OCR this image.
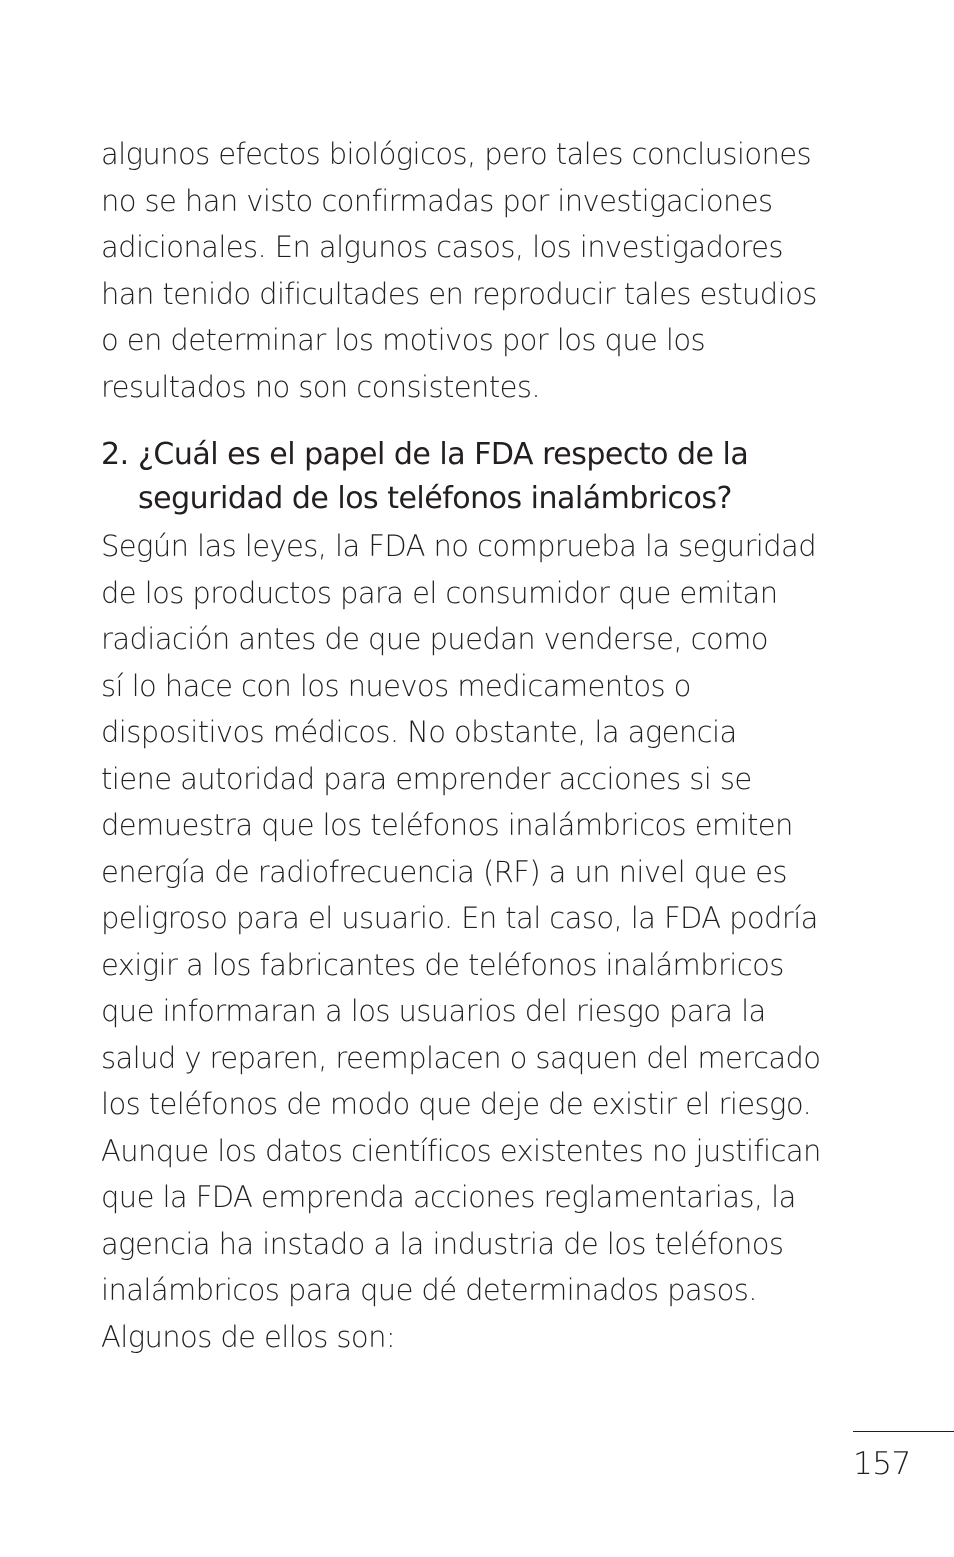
algunos efectos biológicos, pero tales conclusiones
no se han visto confirmadas por investigaciones
adicionales. En algunos casos, los investigadores
han tenido dificultades en reproducir tales estudios
o en determinar los motivos por los que los
resultados no son consistentes.

2. ¿Cuál es el papel de la FDA respecto de la
seguridad de los teléfonos inalámbricos?

Según las leyes, la FDA no comprueba la seguridad
de los productos para el consumidor que emitan
radiación antes de que puedan venderse, como
sí lo hace con los nuevos medicamentos o
dispositivos médicos. No obstante, la agencia
tiene autoridad para emprender acciones si se
demuestra que los teléfonos inalámbricos emiten
energía de radiofrecuencia (RF) a un nivel que es
peligroso para el usuario. En tal caso, la FDA podría
exigir a los fabricantes de teléfonos inalámbricos
que informaran a los usuarios del riesgo para la
salud y reparen, reemplacen o saquen del mercado
los teléfonos de modo que deje de existir el riesgo.
Aunque los datos científicos existentes no justifican
que la FDA emprenda acciones reglamentarias, la
agencia ha instado a la industria de los teléfonos
inalámbricos para que dé determinados pasos.
Algunos de ellos son:

157
